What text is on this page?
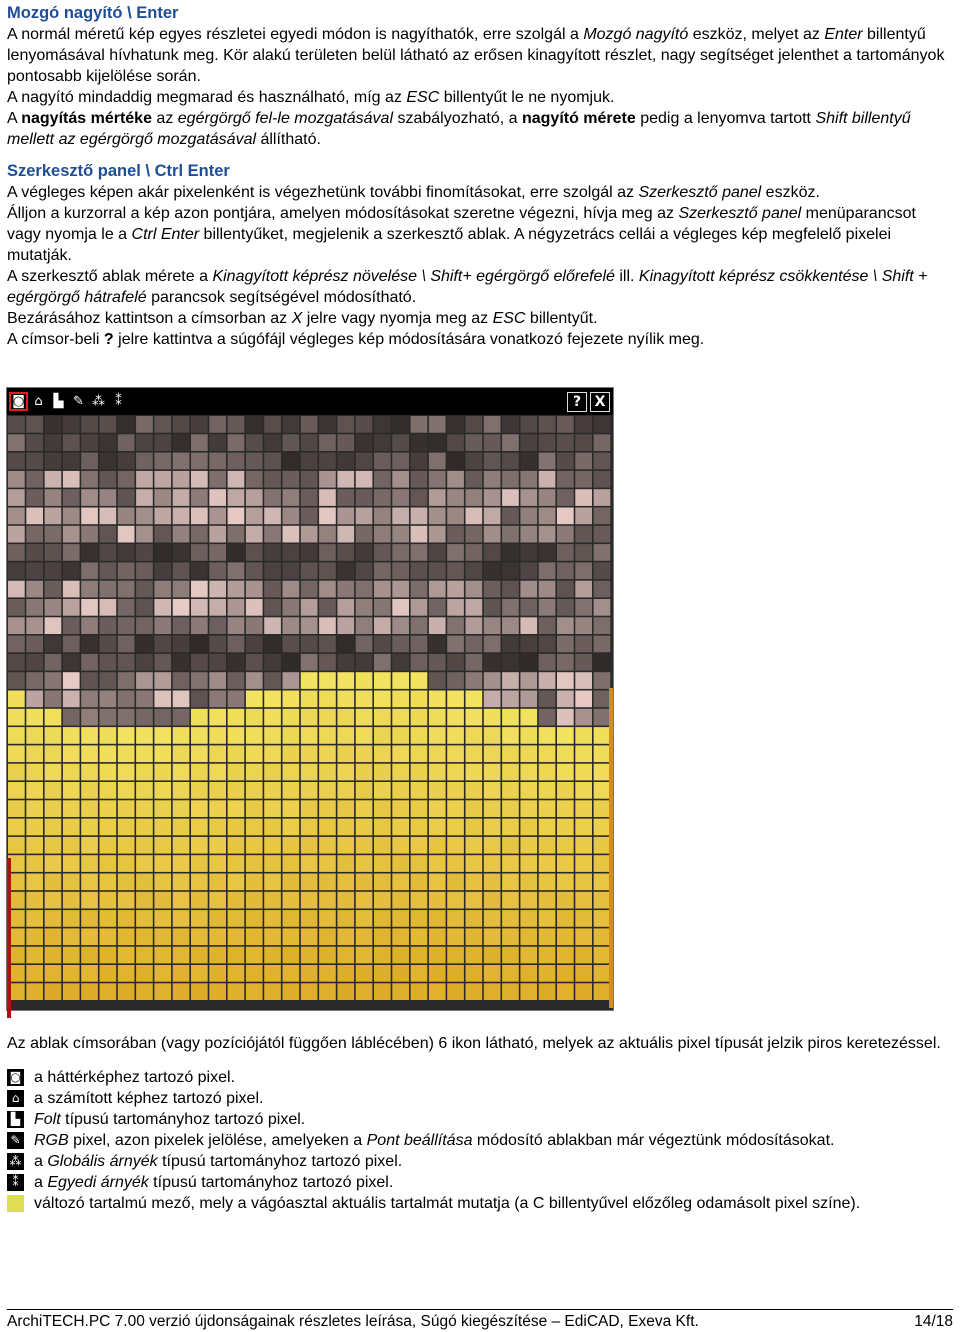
Mozgó nagyító \ Enter

A normál méretű kép egyes részletei egyedi módon is nagyíthatók, erre szolgál a Mozgó nagyító eszköz, melyet az Enter billentyű lenyomásával hívhatunk meg. Kör alakú területen belül látható az erősen kinagyított részlet, nagy segítséget jelenthet a tartományok pontosabb kijelölése során.

A nagyító mindaddig megmarad és használható, míg az ESC billentyűt le ne nyomjuk.

A nagyítás mértéke az egérgörgő fel-le mozgatásával szabályozható, a nagyító mérete pedig a lenyomva tartott Shift billentyű mellett az egérgörgő mozgatásával állítható.

Szerkesztő panel \ Ctrl Enter

A végleges képen akár pixelenként is végezhetünk további finomításokat, erre szolgál az Szerkesztő panel eszköz.

Álljon a kurzorral a kép azon pontjára, amelyen módosításokat szeretne végezni, hívja meg az Szerkesztő panel menüparancsot vagy nyomja le a Ctrl Enter billentyűket, megjelenik a szerkesztő ablak. A négyzetrács cellái a végleges kép megfelelő pixelei mutatják.

A szerkesztő ablak mérete a Kinagyított képrész növelése \ Shift+ egérgörgő előrefelé ill. Kinagyított képrész csökkentése \ Shift + egérgörgő hátrafelé parancsok segítségével módosítható.

Bezárásához kattintson a címsorban az X jelre vagy nyomja meg az ESC billentyűt.

A címsor-beli ? jelre kattintva a súgófájl végleges kép módosítására vonatkozó fejezete nyílik meg.

◙ ⌂ ▙ ✎ ⁂ ⁑	? X

Az ablak címsorában (vagy pozíciójától függően láblécében) 6 ikon látható, melyek az aktuális pixel típusát jelzik piros keretezéssel.

◙ a háttérképhez tartozó pixel.
⌂ a számított képhez tartozó pixel.
▙ Folt típusú tartományhoz tartozó pixel.
✎ RGB pixel, azon pixelek jelölése, amelyeken a Pont beállítása módosító ablakban már végeztünk módosításokat.
⁂ a Globális árnyék típusú tartományhoz tartozó pixel.
⁑ a Egyedi árnyék típusú tartományhoz tartozó pixel.
változó tartalmú mező, mely a vágóasztal aktuális tartalmát mutatja (a C billentyűvel előzőleg odamásolt pixel színe).
ArchiTECH.PC 7.00 verzió újdonságainak részletes leírása, Súgó kiegészítése – EdiCAD, Exeva Kft.	14/18
